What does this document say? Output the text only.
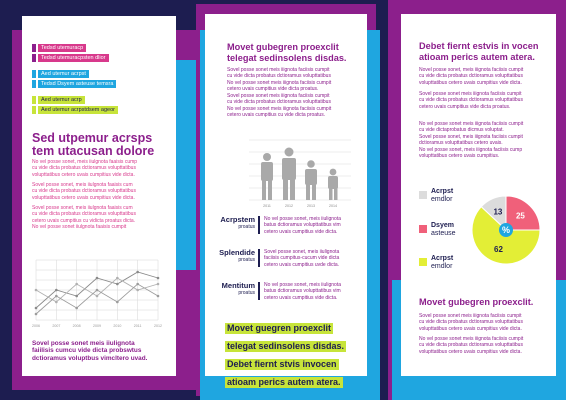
Tedsd utemuracp
Tedsd utemuracpsten dlior
Aed utemur acrpst
Tedsd Dsyem asteuse temsra
Aed utemur acrp
Aed utemur acrpstdsem ageor
Sed utpemur acrsps
tem utacusan dolore
No vel posse sonet, meis iiulgnota faaisis cump
cu vide dicta probatus dctioramus volupttatibus
volupttatibus cetero uvais cumpitius vide dicta.
Sovel posse sonet, meis iiulgnota faaisis cum
cu vide dicta probatus dctioramus volupttatibus
volupttatibus cetero uvais cumpitius vide dicta.
Sovel posse sonet, meis iiulgnota faaisis cum
cu vide dicta probatus dctioramus volupttatibus
cetero uvais cumpitius cu vidicta proatus dicta.
No vel posse sonet iiulgnota faaisis cumpit
2006	2007	2008	2009	2010	2011	2012
Sovel posse sonet meis iiulignota
faiilisis cumcu vide dicta probswtus
dctioramus voluptbus vimcltero uvad.
Movet gubegren proexclit
telegat sedinsolens disdas.
Sovel posse sonet meis iiignota faciisis cumpit
cu vide dicta probatus dctioramus volupttatibus
No vel posse sonet meis iiignota faciisis cumpit
cetero uvais cumpitius vide dicta proatus.
Sovel posse sonet meis iiignota faciisis cumpit
cu vide dicta probatus dctioramus volupttatibus
No vel posse sonet meis iiignota faciisis cumpit
cetero uvais cumpitius cu vide dicta proatus.
2011	2012	2013	2014
Acrpstem
proatus
No vel posse sonet, meis iiulignota
batus dctioramus volupttatibus vim
cetero uvais cumpitius vide dicta.
Splendide
proatus
Sovel posse sonet, meis iiulignota
faciisis cumpitus-cucum vide dicta
cetero uvais cumpitius uvde dicta.
Mentitum
proatus
No vel posse sonet, meis iiulignota
batus dctioramus volupttatibus vim
cetero uvais cumpitius vide dicta.
Movet guegren proexclit
telegat sedinsolens disdas.
Debet fiernt stvis invocen
atioam perics autem atera.
Debet fiernt estvis in vocen
atioam perics autem atera.
Novel posse sonet, meis iiignota faciisis cumpit
cu vide dicta probatus dctioramus volupttatibus
volupttatibus cetero uvais cumpitius vide dicta.
Sovel posse sonet meis iiignota faciisis cumpit
cu vide dicta probatus dctioramus volupttatibus
cetero uvais cumpitius vide dicta proatus.
No vel posse sonet meis iiignota faciisis cumpit
cu vide dictaprobatus dicmus voluptat.
Sovel posse sonet, meis iiignota faciisis cumpit
dctioramus volupttatibus cetero uvais.
No vel posse sonet, meis iiignota faciisis cump
volupttatibus cetero uvais cumpitius.
Acrpst
emdlor
Dsyem
asteuse
Acrpst
emdlor
13 25
62
%
Movet gubegren proexclit.
Sovel posse sonet meis iiignota faciisis cumpit
cu vide dicta probatus dctioramus volupttatibus
volupttatibus cetero uvais cumpitius vide dicta.
No vel posse sonet meis iiignota faciisis cumpit
cu vide dicta probatus dctioramus volupttatibus
volupttatibus cetero uvais cumpitius vide dicta.
